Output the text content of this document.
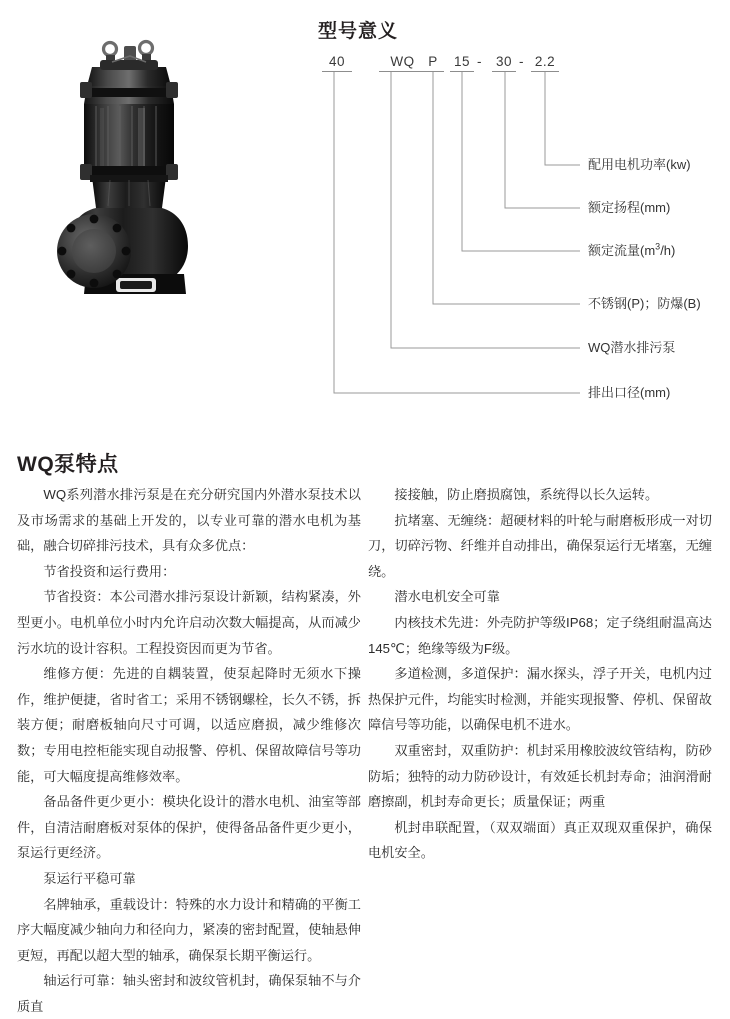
型号意义
40	WQ	P	15 30 2.2
-	-
配用电机功率(kw)
额定扬程(mm)
额定流量$(m^3/h)$
不锈钢(P)；防爆(B)
WQ潜水排污泵
排出口径(mm)
WQ泵特点

WQ系列潜水排污泵是在充分研究国内外潜水泵技术以及市场需求的基础上开发的，以专业可靠的潜水电机为基础，融合切碎排污技术，具有众多优点：

节省投资和运行费用：

节省投资：本公司潜水排污泵设计新颖，结构紧凑，外型更小。电机单位小时内允许启动次数大幅提高，从而减少污水坑的设计容积。工程投资因而更为节省。

维修方便：先进的自耦装置，使泵起降时无须水下操作，维护便捷，省时省工；采用不锈钢螺栓，长久不锈，拆装方便；耐磨板轴向尺寸可调，以适应磨损，减少维修次数；专用电控柜能实现自动报警、停机、保留故障信号等功能，可大幅度提高维修效率。

备品备件更少更小：模块化设计的潜水电机、油室等部件，自清洁耐磨板对泵体的保护，使得备品备件更少更小，泵运行更经济。

泵运行平稳可靠

名牌轴承，重载设计：特殊的水力设计和精确的平衡工序大幅度减少轴向力和径向力，紧凑的密封配置，使轴悬伸更短，再配以超大型的轴承，确保泵长期平衡运行。

轴运行可靠：轴头密封和波纹管机封，确保泵轴不与介质直

接接触，防止磨损腐蚀，系统得以长久运转。

抗堵塞、无缠绕：超硬材料的叶轮与耐磨板形成一对切刀，切碎污物、纤维并自动排出，确保泵运行无堵塞，无缠绕。

潜水电机安全可靠

内核技术先进：外壳防护等级IP68；定子绕组耐温高达145℃；绝缘等级为F级。

多道检测，多道保护：漏水探头，浮子开关，电机内过热保护元件，均能实时检测，并能实现报警、停机、保留故障信号等功能，以确保电机不进水。

双重密封，双重防护：机封采用橡胶波纹管结构，防砂防垢；独特的动力防砂设计，有效延长机封寿命；油润滑耐磨擦副，机封寿命更长；质量保证；两重

机封串联配置，（双双端面）真正双现双重保护，确保电机安全。
